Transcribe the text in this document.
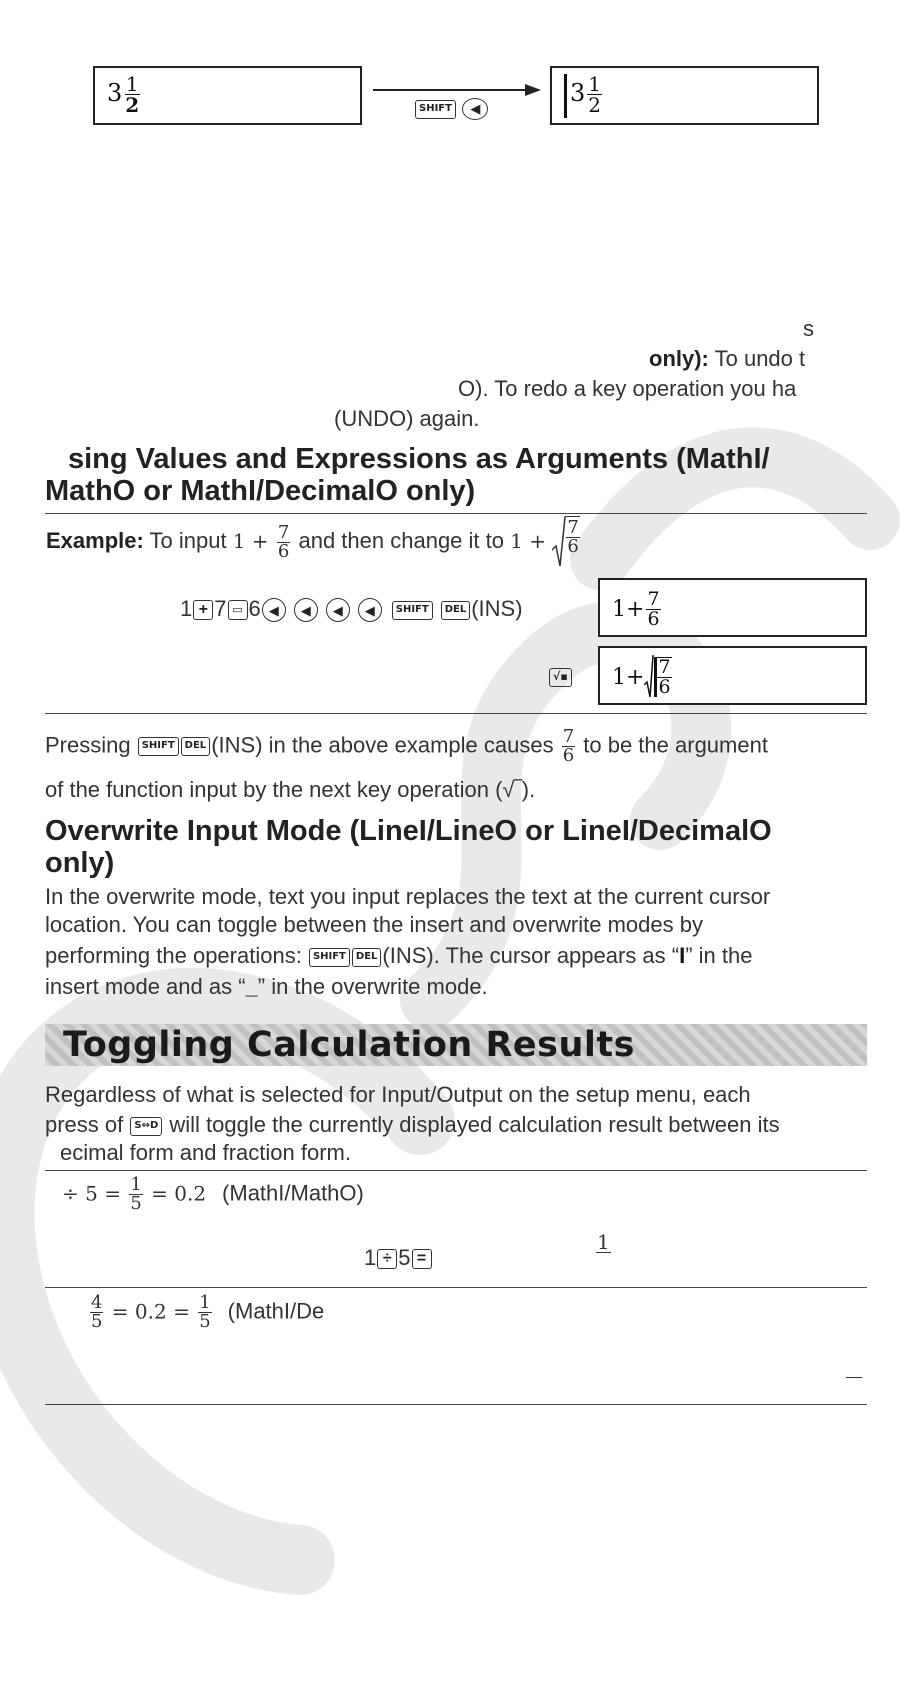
$3 \frac{1}{2}$	SHIFT ◀
$3 \frac{1}{2}$
s
only): To undo t
O). To redo a key operation you ha
(UNDO) again.
sing Values and Expressions as Arguments (MathI/
MathO or MathI/DecimalO only)
Example: To input $1 + \frac{7}{6}$ and then change it to $1 + \frac{7}{6}$
1 + 7 ▭ 6 ◀ ◀ ◀ ◀ SHIFT DEL (INS)	$1+ \frac{7}{6}$
√▪ $1+ \frac{7}{6}$
Pressing SHIFT DEL (INS) in the above example causes $\frac{7}{6}$ to be the argument
of the function input by the next key operation (√‾).
Overwrite Input Mode (LineI/LineO or LineI/DecimalO
only)
In the overwrite mode, text you input replaces the text at the current cursor
location. You can toggle between the insert and overwrite modes by
performing the operations: SHIFT DEL (INS). The cursor appears as “I” in the
insert mode and as “_” in the overwrite mode.
Toggling Calculation Results
Regardless of what is selected for Input/Output on the setup menu, each
press of S⇔D will toggle the currently displayed calculation result between its
ecimal form and fraction form.
÷ $5 = \frac{1}{5} = 0.2$ (MathI/MathO)
1 ÷ 5 =
1
$\frac{4}{5} = 0.2 = \frac{1}{5}$ (MathI/De
